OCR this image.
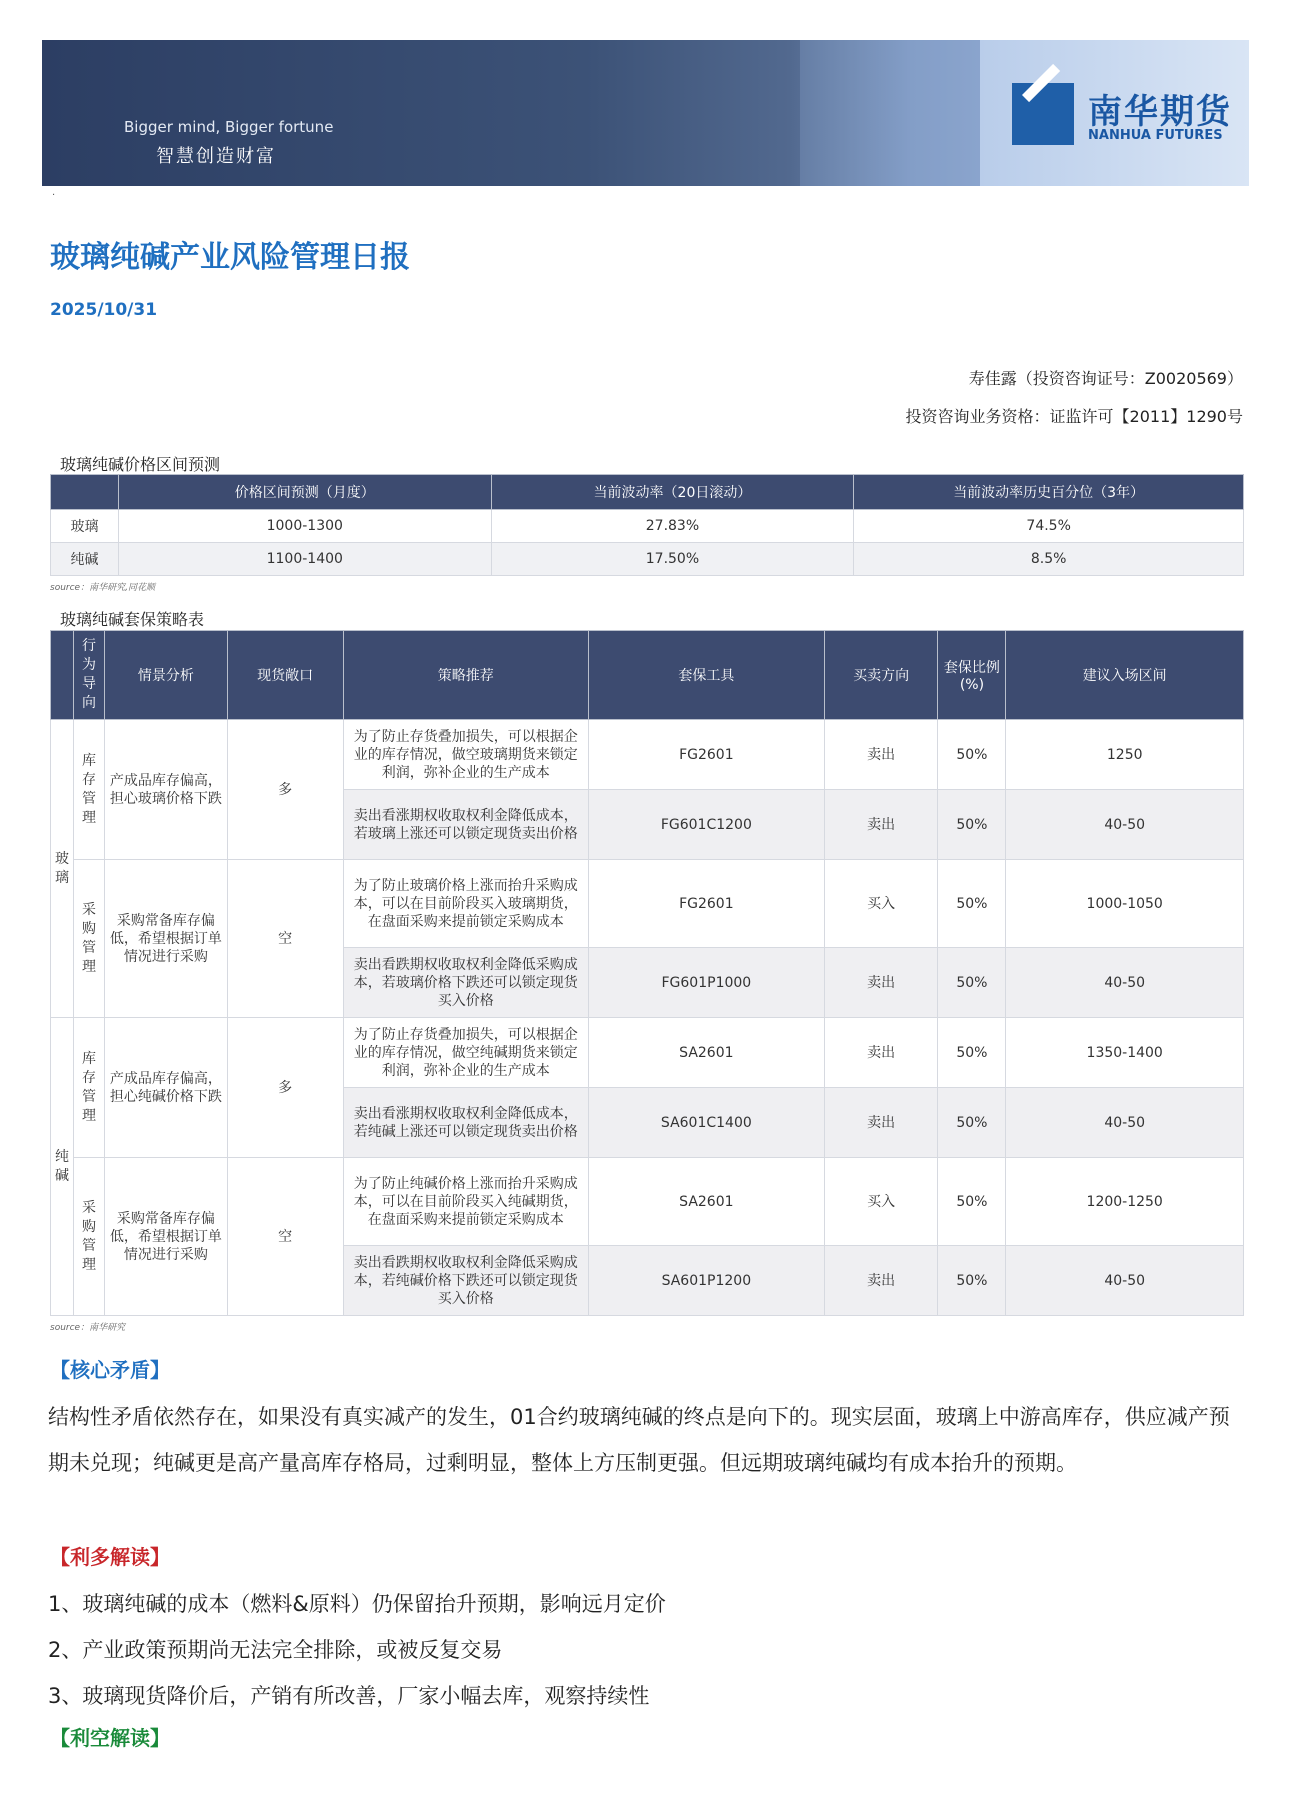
Bigger mind, Bigger fortune
智慧创造财富
南华期货
NANHUA FUTURES
·
玻璃纯碱产业风险管理日报
2025/10/31
寿佳露（投资咨询证号：Z0020569）
投资咨询业务资格：证监许可【2011】1290号
玻璃纯碱价格区间预测
	价格区间预测（月度）	当前波动率（20日滚动）	当前波动率历史百分位（3年）
玻璃	1000-1300	27.83%	74.5%
纯碱	1100-1400	17.50%	8.5%
source：南华研究,同花顺
玻璃纯碱套保策略表

	行为导向	情景分析	现货敞口	策略推荐	套保工具	买卖方向	套保比例(%)	建议入场区间

玻璃	库存管理	产成品库存偏高，担心玻璃价格下跌	多	为了防止存货叠加损失，可以根据企业的库存情况，做空玻璃期货来锁定利润，弥补企业的生产成本	FG2601	卖出	50%	1250
				卖出看涨期权收取权利金降低成本，若玻璃上涨还可以锁定现货卖出价格	FG601C1200	卖出	50%	40-50

	采购管理	采购常备库存偏低，希望根据订单情况进行采购	空	为了防止玻璃价格上涨而抬升采购成本，可以在目前阶段买入玻璃期货，在盘面采购来提前锁定采购成本	FG2601	买入	50%	1000-1050
				卖出看跌期权收取权利金降低采购成本，若玻璃价格下跌还可以锁定现货买入价格	FG601P1000	卖出	50%	40-50

纯碱	库存管理	产成品库存偏高，担心纯碱价格下跌	多	为了防止存货叠加损失，可以根据企业的库存情况，做空纯碱期货来锁定利润，弥补企业的生产成本	SA2601	卖出	50%	1350-1400
				卖出看涨期权收取权利金降低成本，若纯碱上涨还可以锁定现货卖出价格	SA601C1400	卖出	50%	40-50

	采购管理	采购常备库存偏低，希望根据订单情况进行采购	空	为了防止纯碱价格上涨而抬升采购成本，可以在目前阶段买入纯碱期货，在盘面采购来提前锁定采购成本	SA2601	买入	50%	1200-1250
				卖出看跌期权收取权利金降低采购成本，若纯碱价格下跌还可以锁定现货买入价格	SA601P1200	卖出	50%	40-50
source：南华研究
【核心矛盾】
结构性矛盾依然存在，如果没有真实减产的发生，01合约玻璃纯碱的终点是向下的。现实层面，玻璃上中游高库存，供应减产预期未兑现；纯碱更是高产量高库存格局，过剩明显，整体上方压制更强。但远期玻璃纯碱均有成本抬升的预期。
【利多解读】
1、玻璃纯碱的成本（燃料&原料）仍保留抬升预期，影响远月定价
2、产业政策预期尚无法完全排除，或被反复交易
3、玻璃现货降价后，产销有所改善，厂家小幅去库，观察持续性
【利空解读】
